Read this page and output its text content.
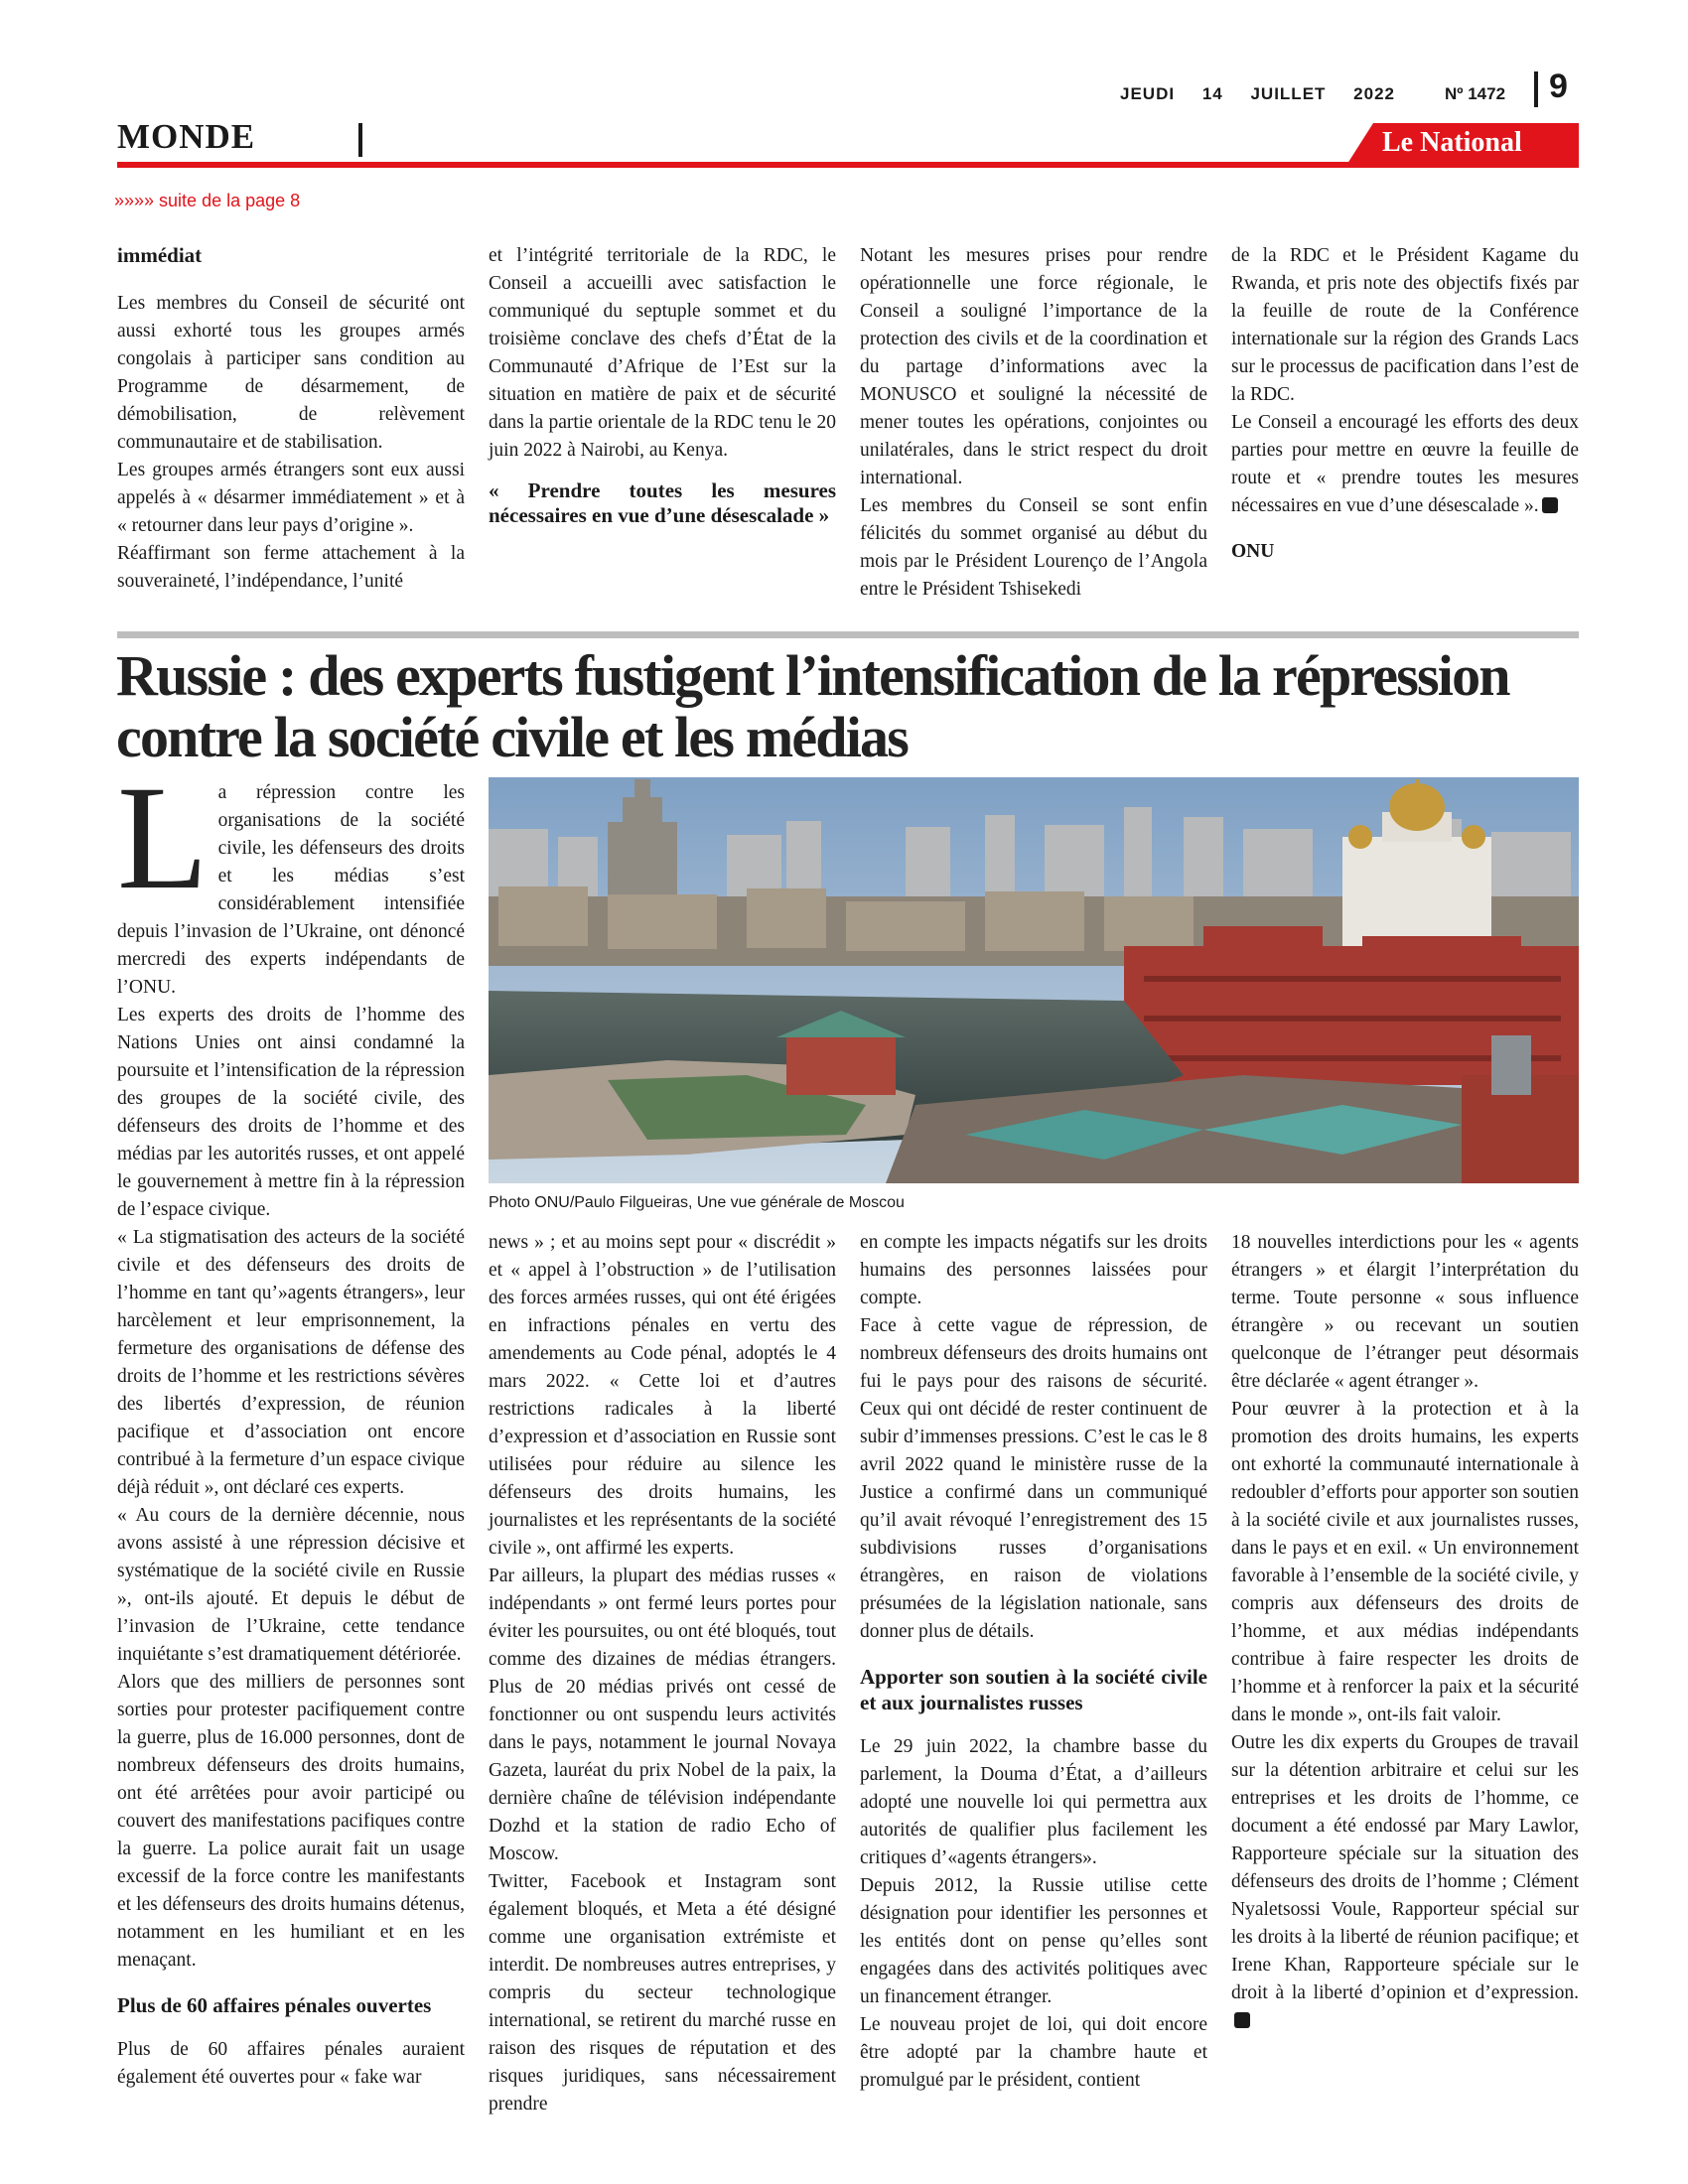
JEUDI 14 JUILLET 2022	Nº 1472 9
MONDE	Le National
»»»» suite de la page 8

immédiat

Les membres du Conseil de sécurité ont aussi exhorté tous les groupes armés congolais à participer sans condition au Programme de désarmement, de démobilisation, de relèvement communautaire et de stabilisation.

Les groupes armés étrangers sont eux aussi appelés à « désarmer immédiatement » et à « retourner dans leur pays d’origine ».

Réaffirmant son ferme attachement à la souveraineté, l’indépendance, l’unité

et l’intégrité territoriale de la RDC, le Conseil a accueilli avec satisfaction le communiqué du septuple sommet et du troisième conclave des chefs d’État de la Communauté d’Afrique de l’Est sur la situation en matière de paix et de sécurité dans la partie orientale de la RDC tenu le 20 juin 2022 à Nairobi, au Kenya.

« Prendre toutes les mesures nécessaires en vue d’une désescalade »

Notant les mesures prises pour rendre opérationnelle une force régionale, le Conseil a souligné l’importance de la protection des civils et de la coordination et du partage d’informations avec la MONUSCO et souligné la nécessité de mener toutes les opérations, conjointes ou unilatérales, dans le strict respect du droit international.

Les membres du Conseil se sont enfin félicités du sommet organisé au début du mois par le Président Lourenço de l’Angola entre le Président Tshisekedi

de la RDC et le Président Kagame du Rwanda, et pris note des objectifs fixés par la feuille de route de la Conférence internationale sur la région des Grands Lacs sur le processus de pacification dans l’est de la RDC.

Le Conseil a encouragé les efforts des deux parties pour mettre en œuvre la feuille de route et « prendre toutes les mesures nécessaires en vue d’une désescalade ».

ONU

Russie : des experts fustigent l’intensification de la répression contre la société civile et les médias

La répression contre les organisations de la société civile, les défenseurs des droits et les médias s’est considérablement intensifiée depuis l’invasion de l’Ukraine, ont dénoncé mercredi des experts indépendants de l’ONU.

Les experts des droits de l’homme des Nations Unies ont ainsi condamné la poursuite et l’intensification de la répression des groupes de la société civile, des défenseurs des droits de l’homme et des médias par les autorités russes, et ont appelé le gouvernement à mettre fin à la répression de l’espace civique.

« La stigmatisation des acteurs de la société civile et des défenseurs des droits de l’homme en tant qu’»agents étrangers», leur harcèlement et leur emprisonnement, la fermeture des organisations de défense des droits de l’homme et les restrictions sévères des libertés d’expression, de réunion pacifique et d’association ont encore contribué à la fermeture d’un espace civique déjà réduit », ont déclaré ces experts.

« Au cours de la dernière décennie, nous avons assisté à une répression décisive et systématique de la société civile en Russie », ont-ils ajouté. Et depuis le début de l’invasion de l’Ukraine, cette tendance inquiétante s’est dramatiquement détériorée.

Alors que des milliers de personnes sont sorties pour protester pacifiquement contre la guerre, plus de 16.000 personnes, dont de nombreux défenseurs des droits humains, ont été arrêtées pour avoir participé ou couvert des manifestations pacifiques contre la guerre. La police aurait fait un usage excessif de la force contre les manifestants et les défenseurs des droits humains détenus, notamment en les humiliant et en les menaçant.

Plus de 60 affaires pénales ouvertes

Plus de 60 affaires pénales auraient également été ouvertes pour « fake war

Photo ONU/Paulo Filgueiras, Une vue générale de Moscou

news » ; et au moins sept pour « discrédit » et « appel à l’obstruction » de l’utilisation des forces armées russes, qui ont été érigées en infractions pénales en vertu des amendements au Code pénal, adoptés le 4 mars 2022. « Cette loi et d’autres restrictions radicales à la liberté d’expression et d’association en Russie sont utilisées pour réduire au silence les défenseurs des droits humains, les journalistes et les représentants de la société civile », ont affirmé les experts.

Par ailleurs, la plupart des médias russes « indépendants » ont fermé leurs portes pour éviter les poursuites, ou ont été bloqués, tout comme des dizaines de médias étrangers. Plus de 20 médias privés ont cessé de fonctionner ou ont suspendu leurs activités dans le pays, notamment le journal Novaya Gazeta, lauréat du prix Nobel de la paix, la dernière chaîne de télévision indépendante Dozhd et la station de radio Echo of Moscow.

Twitter, Facebook et Instagram sont également bloqués, et Meta a été désigné comme une organisation extrémiste et interdit. De nombreuses autres entreprises, y compris du secteur technologique international, se retirent du marché russe en raison des risques de réputation et des risques juridiques, sans nécessairement prendre

en compte les impacts négatifs sur les droits humains des personnes laissées pour compte.

Face à cette vague de répression, de nombreux défenseurs des droits humains ont fui le pays pour des raisons de sécurité. Ceux qui ont décidé de rester continuent de subir d’immenses pressions. C’est le cas le 8 avril 2022 quand le ministère russe de la Justice a confirmé dans un communiqué qu’il avait révoqué l’enregistrement des 15 subdivisions russes d’organisations étrangères, en raison de violations présumées de la législation nationale, sans donner plus de détails.

Apporter son soutien à la société civile et aux journalistes russes

Le 29 juin 2022, la chambre basse du parlement, la Douma d’État, a d’ailleurs adopté une nouvelle loi qui permettra aux autorités de qualifier plus facilement les critiques d’«agents étrangers».

Depuis 2012, la Russie utilise cette désignation pour identifier les personnes et les entités dont on pense qu’elles sont engagées dans des activités politiques avec un financement étranger.

Le nouveau projet de loi, qui doit encore être adopté par la chambre haute et promulgué par le président, contient

18 nouvelles interdictions pour les « agents étrangers » et élargit l’interprétation du terme. Toute personne « sous influence étrangère » ou recevant un soutien quelconque de l’étranger peut désormais être déclarée « agent étranger ».

Pour œuvrer à la protection et à la promotion des droits humains, les experts ont exhorté la communauté internationale à redoubler d’efforts pour apporter son soutien à la société civile et aux journalistes russes, dans le pays et en exil. « Un environnement favorable à l’ensemble de la société civile, y compris aux défenseurs des droits de l’homme, et aux médias indépendants contribue à faire respecter les droits de l’homme et à renforcer la paix et la sécurité dans le monde », ont-ils fait valoir.

Outre les dix experts du Groupes de travail sur la détention arbitraire et celui sur les entreprises et les droits de l’homme, ce document a été endossé par Mary Lawlor, Rapporteure spéciale sur la situation des défenseurs des droits de l’homme ; Clément Nyaletsossi Voule, Rapporteur spécial sur les droits à la liberté de réunion pacifique; et Irene Khan, Rapporteure spéciale sur le droit à la liberté d’opinion et d’expression.
